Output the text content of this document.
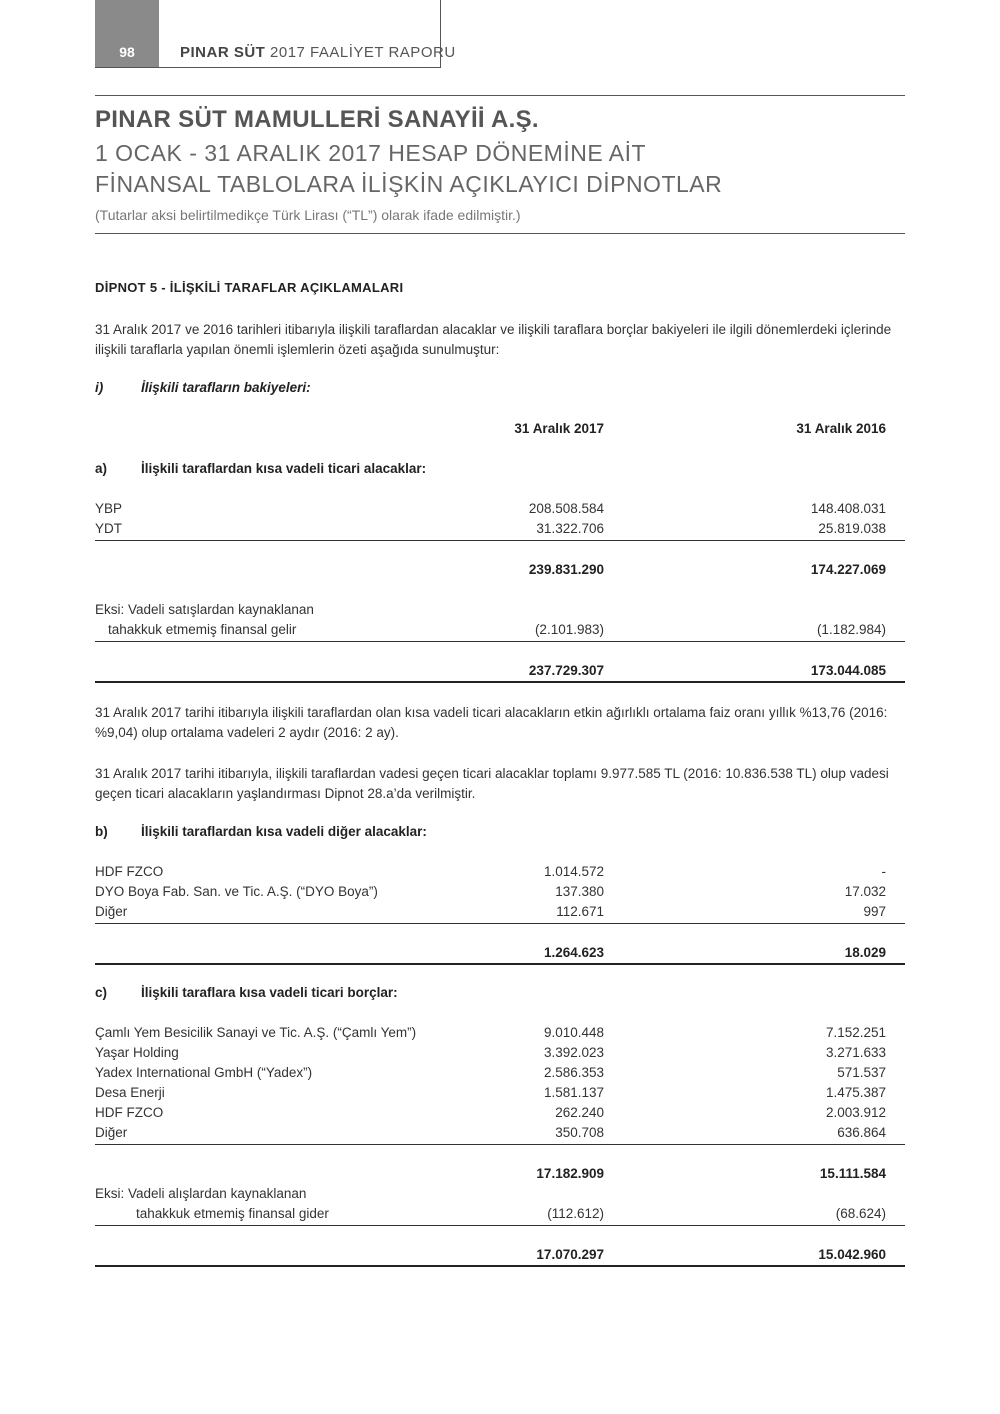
98	PINAR SÜT 2017 FAALİYET RAPORU
PINAR SÜT MAMULLERİ SANAYİİ A.Ş.
1 OCAK - 31 ARALIK 2017 HESAP DÖNEMİNE AİT
FİNANSAL TABLOLARA İLİŞKİN AÇIKLAYICI DİPNOTLAR
(Tutarlar aksi belirtilmedikçe Türk Lirası (“TL”) olarak ifade edilmiştir.)
DİPNOT 5 - İLİŞKİLİ TARAFLAR AÇIKLAMALARI
31 Aralık 2017 ve 2016 tarihleri itibarıyla ilişkili taraflardan alacaklar ve ilişkili taraflara borçlar bakiyeleri ile ilgili dönemlerdeki içlerinde ilişkili taraflarla yapılan önemli işlemlerin özeti aşağıda sunulmuştur:
i)	İlişkili tarafların bakiyeleri:
31 Aralık 2017	31 Aralık 2016
a)	İlişkili taraflardan kısa vadeli ticari alacaklar:
YBP	208.508.584	148.408.031
YDT	31.322.706	25.819.038
239.831.290	174.227.069
Eksi: Vadeli satışlardan kaynaklanan
tahakkuk etmemiş finansal gelir	(2.101.983)	(1.182.984)
237.729.307	173.044.085
31 Aralık 2017 tarihi itibarıyla ilişkili taraflardan olan kısa vadeli ticari alacakların etkin ağırlıklı ortalama faiz oranı yıllık %13,76 (2016: %9,04) olup ortalama vadeleri 2 aydır (2016: 2 ay).
31 Aralık 2017 tarihi itibarıyla, ilişkili taraflardan vadesi geçen ticari alacaklar toplamı 9.977.585 TL (2016: 10.836.538 TL) olup vadesi geçen ticari alacakların yaşlandırması Dipnot 28.a’da verilmiştir.
b) İlişkili taraflardan kısa vadeli diğer alacaklar:
HDF FZCO	1.014.572	-
DYO Boya Fab. San. ve Tic. A.Ş. (“DYO Boya”)	137.380	17.032
Diğer	112.671	997
1.264.623	18.029
c)	İlişkili taraflara kısa vadeli ticari borçlar:
Çamlı Yem Besicilik Sanayi ve Tic. A.Ş. (“Çamlı Yem”)	9.010.448	7.152.251
Yaşar Holding	3.392.023	3.271.633
Yadex International GmbH (“Yadex”)	2.586.353	571.537
Desa Enerji	1.581.137	1.475.387
HDF FZCO	262.240	2.003.912
Diğer	350.708	636.864
17.182.909	15.111.584
Eksi: Vadeli alışlardan kaynaklanan
tahakkuk etmemiş finansal gider	(112.612)	(68.624)
17.070.297	15.042.960
